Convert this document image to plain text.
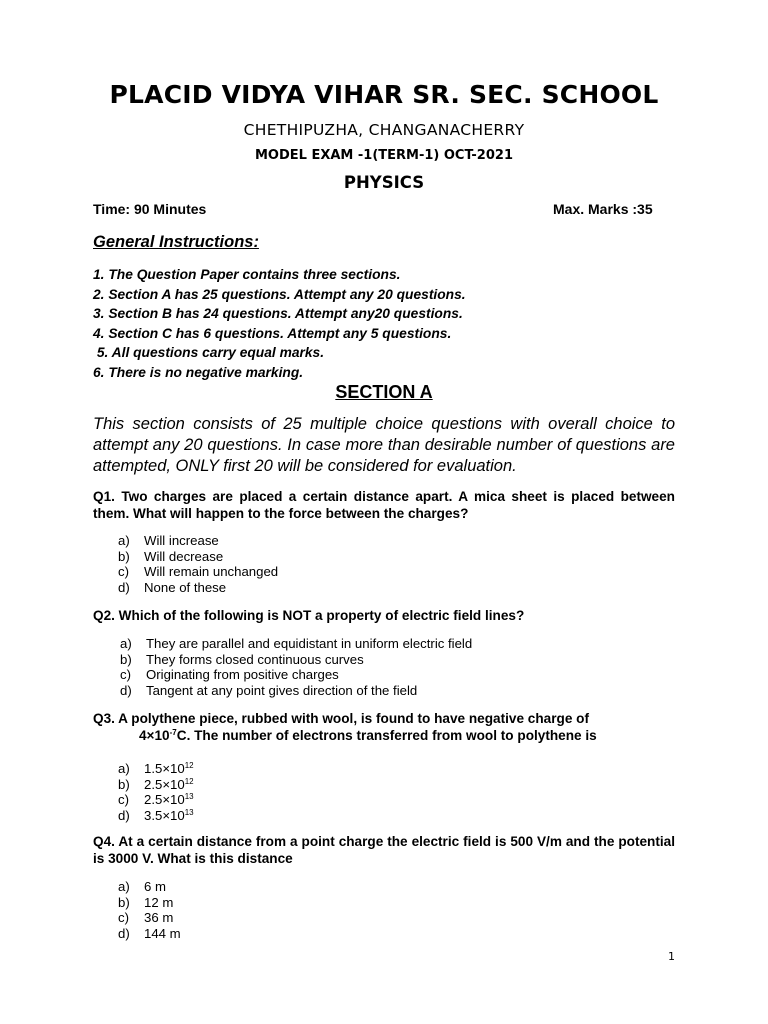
PLACID VIDYA VIHAR SR. SEC. SCHOOL
CHETHIPUZHA, CHANGANACHERRY
MODEL EXAM -1(TERM-1) OCT-2021
PHYSICS
Time: 90 Minutes	Max. Marks :35
General Instructions:
1. The Question Paper contains three sections.
2. Section A has 25 questions. Attempt any 20 questions.
3. Section B has 24 questions. Attempt any20 questions.
4. Section C has 6 questions. Attempt any 5 questions.
5. All questions carry equal marks.
6. There is no negative marking.
SECTION A
This section consists of 25 multiple choice questions with overall choice to attempt any 20 questions. In case more than desirable number of questions are attempted, ONLY first 20 will be considered for evaluation.
Q1. Two charges are placed a certain distance apart. A mica sheet is placed between them. What will happen to the force between the charges?
a)	Will increase
b)	Will decrease
c)	Will remain unchanged
d)	None of these
Q2. Which of the following is NOT a property of electric field lines?
a)	They are parallel and equidistant in uniform electric field
b)	They forms closed continuous curves
c)	Originating from positive charges
d)	Tangent at any point gives direction of the field
Q3. A polythene piece, rubbed with wool, is found to have negative charge of
$4\times 10^{-7}C$. The number of electrons transferred from wool to polythene is
a)	$1.5\times 10^{12}$
b)	$2.5\times 10^{12}$
c)	$2.5\times 10^{13}$
d)	$3.5\times 10^{13}$
Q4. At a certain distance from a point charge the electric field is 500 V/m and the potential is 3000 V. What is this distance
a)	6 m
b)	12 m
c)	36 m
d)	144 m
1
